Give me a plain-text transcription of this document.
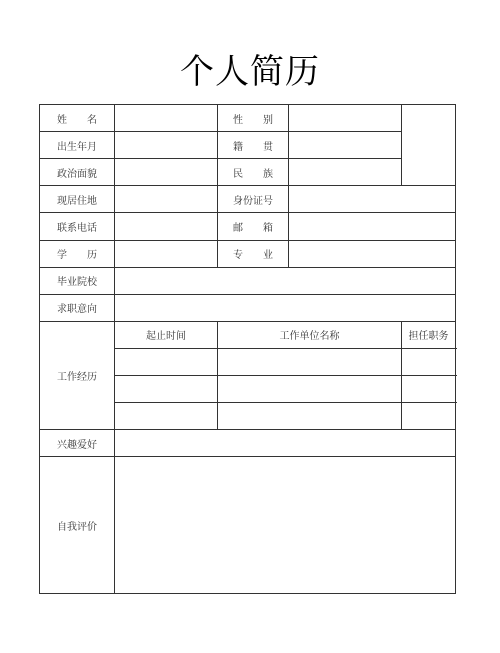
个人简历
姓　　名		性　　别		
出生年月		籍　　贯		
政治面貌		民　　族		
现居住地		身份证号		
联系电话		邮　　箱		
学　　历		专　　业		
毕业院校				
求职意向				
工作经历	起止时间	工作单位名称		担任职务

兴趣爱好				
自我评价				
